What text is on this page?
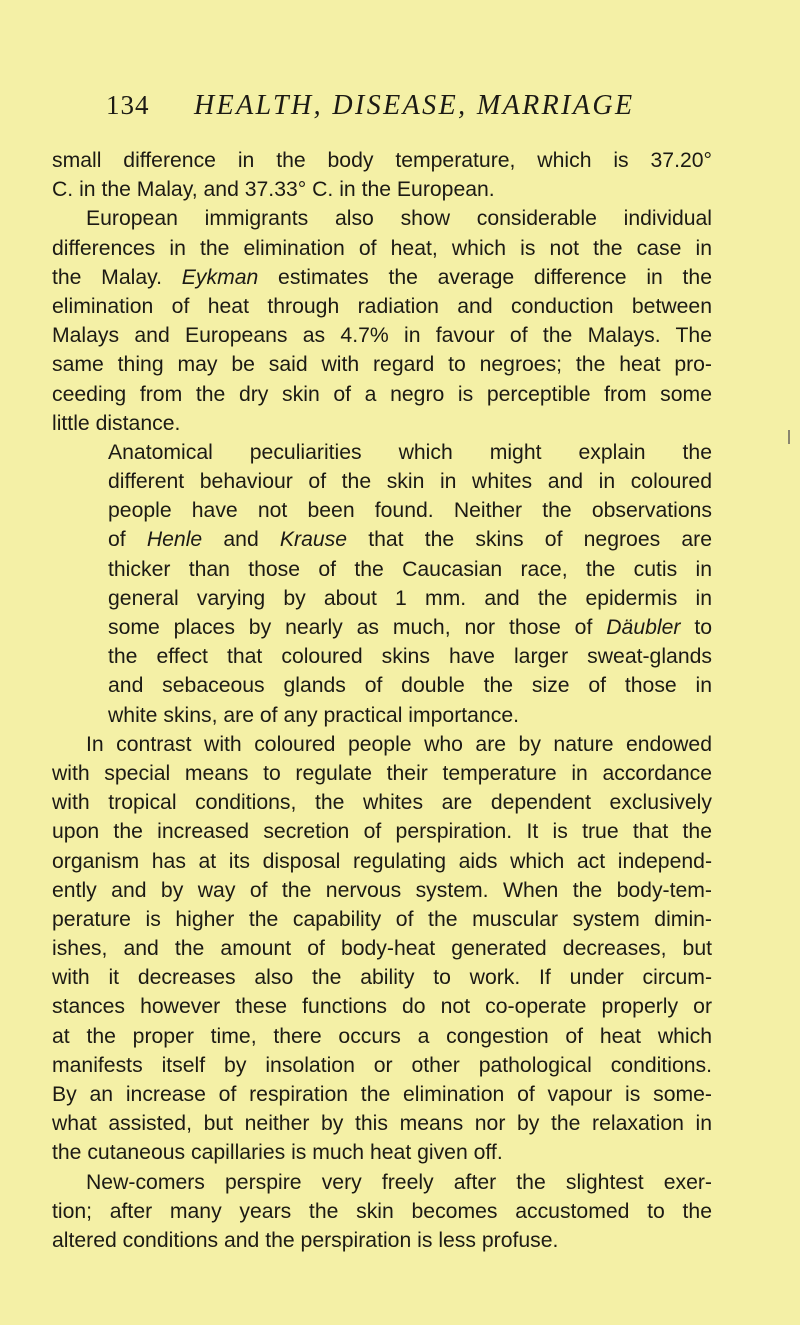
134 HEALTH, DISEASE, MARRIAGE
small difference in the body temperature, which is 37.20°
C. in the Malay, and 37.33° C. in the European.
European immigrants also show considerable individual
differences in the elimination of heat, which is not the case in
the Malay. Eykman estimates the average difference in the
elimination of heat through radiation and conduction between
Malays and Europeans as 4.7% in favour of the Malays. The
same thing may be said with regard to negroes; the heat pro-
ceeding from the dry skin of a negro is perceptible from some
little distance.
Anatomical peculiarities which might explain the
different behaviour of the skin in whites and in coloured
people have not been found. Neither the observations
of Henle and Krause that the skins of negroes are
thicker than those of the Caucasian race, the cutis in
general varying by about 1 mm. and the epidermis in
some places by nearly as much, nor those of Däubler to
the effect that coloured skins have larger sweat-glands
and sebaceous glands of double the size of those in
white skins, are of any practical importance.
In contrast with coloured people who are by nature endowed
with special means to regulate their temperature in accordance
with tropical conditions, the whites are dependent exclusively
upon the increased secretion of perspiration. It is true that the
organism has at its disposal regulating aids which act independ-
ently and by way of the nervous system. When the body-tem-
perature is higher the capability of the muscular system dimin-
ishes, and the amount of body-heat generated decreases, but
with it decreases also the ability to work. If under circum-
stances however these functions do not co-operate properly or
at the proper time, there occurs a congestion of heat which
manifests itself by insolation or other pathological conditions.
By an increase of respiration the elimination of vapour is some-
what assisted, but neither by this means nor by the relaxation in
the cutaneous capillaries is much heat given off.
New-comers perspire very freely after the slightest exer-
tion; after many years the skin becomes accustomed to the
altered conditions and the perspiration is less profuse.
